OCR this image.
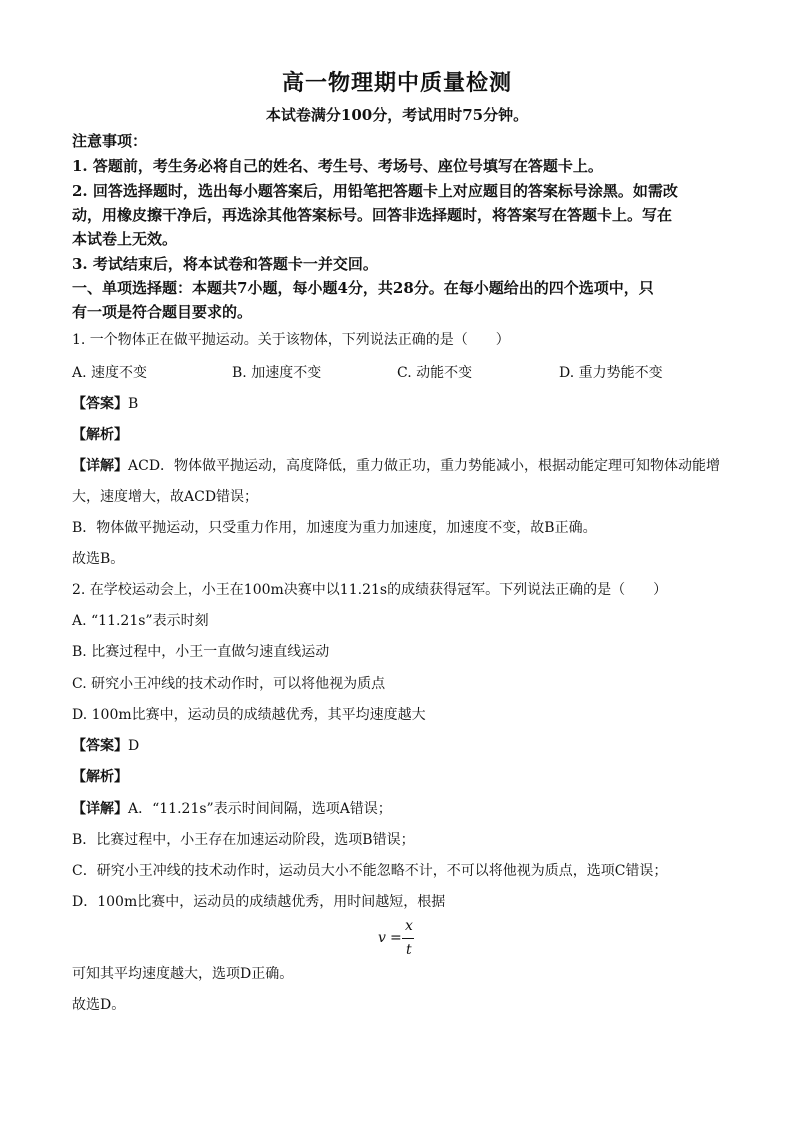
高一物理期中质量检测
本试卷满分100分，考试用时75分钟。
注意事项：
1. 答题前，考生务必将自己的姓名、考生号、考场号、座位号填写在答题卡上。
2. 回答选择题时，选出每小题答案后，用铅笔把答题卡上对应题目的答案标号涂黑。如需改
动，用橡皮擦干净后，再选涂其他答案标号。回答非选择题时，将答案写在答题卡上。写在
本试卷上无效。
3. 考试结束后，将本试卷和答题卡一并交回。
一、单项选择题：本题共7小题，每小题4分，共28分。在每小题给出的四个选项中，只
有一项是符合题目要求的。
1. 一个物体正在做平抛运动。关于该物体，下列说法正确的是（　　）
A. 速度不变	B. 加速度不变	C. 动能不变	D. 重力势能不变
【答案】B
【解析】
【详解】ACD．物体做平抛运动，高度降低，重力做正功，重力势能减小，根据动能定理可知物体动能增
大，速度增大，故ACD错误；
B．物体做平抛运动，只受重力作用，加速度为重力加速度，加速度不变，故B正确。
故选B。
2. 在学校运动会上，小王在100m决赛中以11.21s的成绩获得冠军。下列说法正确的是（　　）
A. “11.21s”表示时刻
B. 比赛过程中，小王一直做匀速直线运动
C. 研究小王冲线的技术动作时，可以将他视为质点
D. 100m比赛中，运动员的成绩越优秀，其平均速度越大
【答案】D
【解析】
【详解】A．“11.21s”表示时间间隔，选项A错误；
B．比赛过程中，小王存在加速运动阶段，选项B错误；
C．研究小王冲线的技术动作时，运动员大小不能忽略不计，不可以将他视为质点，选项C错误；
D．100m比赛中，运动员的成绩越优秀，用时间越短，根据
v =
x
t
可知其平均速度越大，选项D正确。
故选D。
